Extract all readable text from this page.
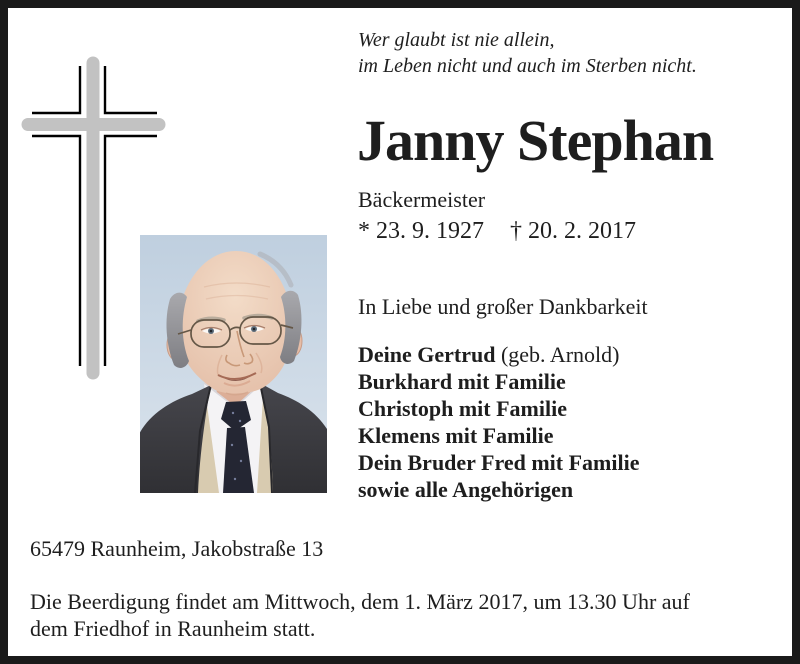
Wer glaubt ist nie allein,
im Leben nicht und auch im Sterben nicht.
Janny Stephan
Bäckermeister
* 23. 9. 1927 † 20. 2. 2017
In Liebe und großer Dankbarkeit
Deine Gertrud (geb. Arnold)
Burkhard mit Familie
Christoph mit Familie
Klemens mit Familie
Dein Bruder Fred mit Familie
sowie alle Angehörigen
65479 Raunheim, Jakobstraße 13
Die Beerdigung findet am Mittwoch, dem 1. März 2017, um 13.30 Uhr auf
dem Friedhof in Raunheim statt.
